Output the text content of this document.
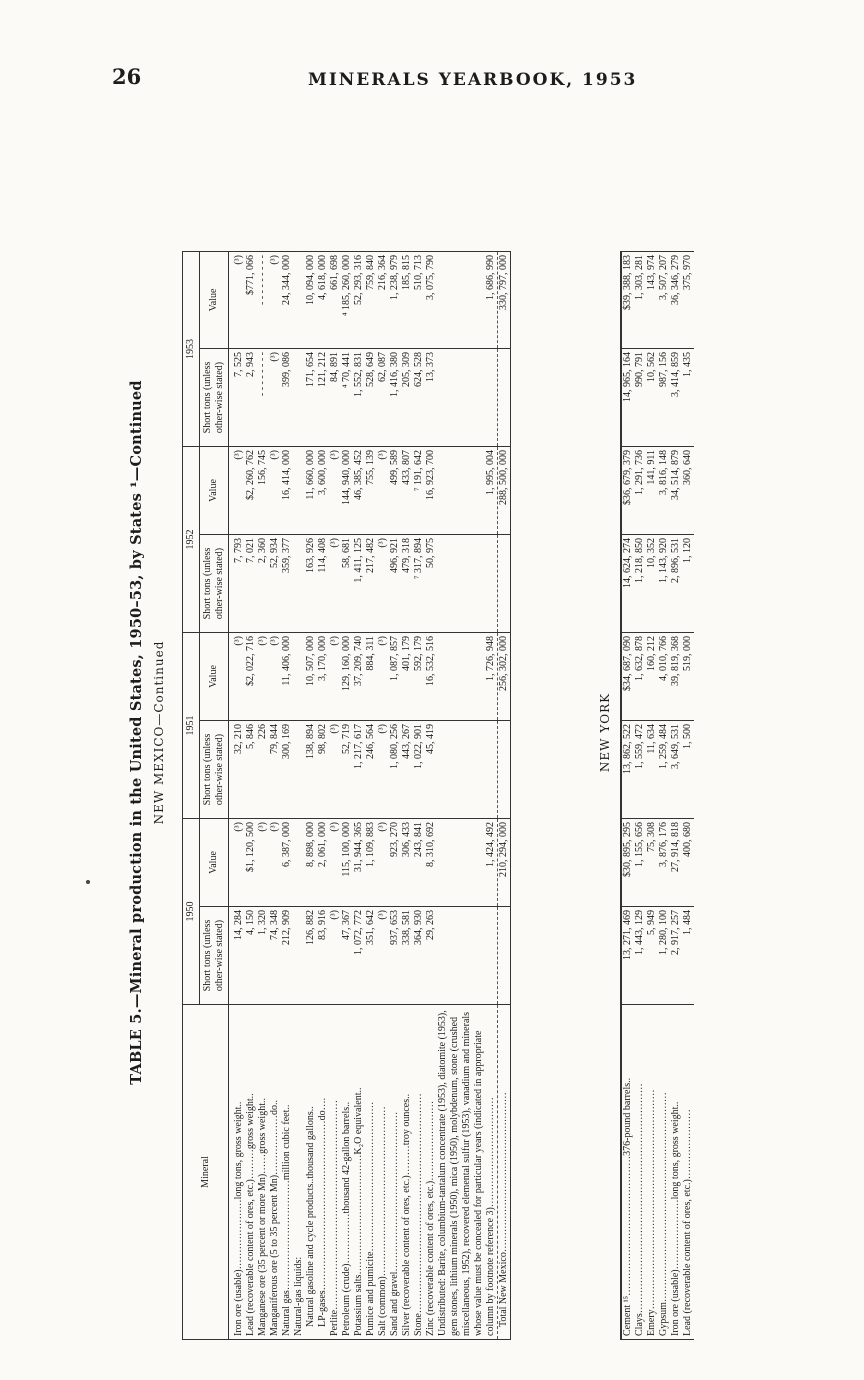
26	MINERALS YEARBOOK, 1953
TABLE 5.—Mineral production in the United States, 1950–53, by States ¹—Continued NEW MEXICO—Continued
Mineral	1950		1951		1952		1953	
	Short tons (unless other-wise stated)	Value	Short tons (unless other-wise stated)	Value	Short tons (unless other-wise stated)	Value	Short tons (unless other-wise stated)	Value

Iron ore (usable)…………………long tons, gross weight..	14, 284	(³)	32, 210	(³)	7, 793	(³)	7, 525	(³)
Lead (recoverable content of ores, etc.)………gross weight..	4, 150	$1, 120, 500	5, 846	$2, 022, 716	7, 021	$2, 260, 762	2, 943	$771, 066
Manganese ore (35 percent or more Mn)……gross weight..	1, 320	(³)	226	(³)	2, 360	156, 745	- - - - - - - -	- - - - - - - - -
Manganiferous ore (5 to 35 percent Mn)………………do..	74, 348	(³)	79, 844	(³)	52, 934	(³)	(³)	(³)
Natural gas……………………………million cubic feet..	212, 909	6, 387, 000	300, 169	11, 406, 000	359, 377	16, 414, 000	399, 086	24, 344, 000
Natural-gas liquids:								
Natural gasoline and cycle products..thousand gallons..	126, 882	8, 898, 000	138, 894	10, 507, 000	163, 926	11, 660, 000	171, 654	10, 094, 000
LP-gases……………………………………………do….	83, 916	2, 061, 000	98, 802	3, 170, 000	114, 408	3, 600, 000	121, 212	4, 618, 000
Perlite………………………………………………………	(³)	(³)	(³)	(³)	(³)	(³)	84, 891	661, 698
Petroleum (crude)……………thousand 42-gallon barrels..	47, 367	115, 100, 000	52, 719	129, 160, 000	58, 681	144, 940, 000	⁴ 70, 441	⁴ 185, 260, 000
Potassium salts………………………………K₂O equivalent..	1, 072, 772	31, 944, 365	1, 217, 617	37, 209, 740	1, 411, 125	46, 385, 452	1, 552, 831	52, 293, 316
Pumice and pumicite………………………………………	351, 642	1, 109, 883	246, 564	884, 311	217, 482	755, 139	528, 649	759, 840
Salt (common)……………………………………………	(³)	(³)	(³)	(³)	(³)	(³)	62, 087	216, 364
Sand and gravel…………………………………………	937, 653	923, 270	1, 080, 256	1, 087, 857	496, 921	499, 589	1, 416, 380	1, 238, 979
Silver (recoverable content of ores, etc.)………troy ounces..	338, 581	306, 433	443, 267	401, 179	479, 318	433, 807	205, 309	185, 815
Stone…………………………………………………………	364, 930	243, 841	1, 022, 901	592, 179	⁷ 317, 894	⁷ 191, 642	624, 528	510, 713
Zinc (recoverable content of ores, etc.)……………………	29, 263	8, 310, 692	45, 419	16, 532, 516	50, 975	16, 923, 700	13, 373	3, 075, 790
Undistributed: Barite, columbium-tantalum concentrate (1953), diatomite (1953), gem stones, lithium minerals (1950), mica (1950), molybdenum, stone (crushed miscellaneous, 1952), recovered elemental sulfur (1953), vanadium and minerals whose value must be concealed for particular years (indicated in appropriate column by footnote reference 3)……………………………		1, 424, 492		1, 726, 948		1, 995, 004		1, 686, 990
Total New Mexico…………………………………………		210, 294, 000		256, 302, 000		288, 500, 000		330, 797, 000
NEW YORK
Cement ¹⁵……………………………………376-pound barrels..	13, 271, 469	$30, 895, 295	13, 862, 522	$34, 687, 090	14, 624, 274	$36, 679, 379	14, 965, 164	$39, 388, 183
Clays……………………………………………………………	1, 443, 129	1, 155, 656	1, 559, 472	1, 632, 878	1, 218, 850	1, 291, 736	990, 791	1, 303, 281
Emery…………………………………………………………	5, 949	75, 308	11, 634	160, 212	10, 352	141, 911	10, 562	143, 974
Gypsum………………………………………………………	1, 280, 100	3, 876, 176	1, 259, 484	4, 010, 766	1, 143, 920	3, 816, 148	987, 156	3, 507, 207
Iron ore (usable)…………………long tons, gross weight..	2, 917, 257	27, 914, 818	3, 649, 531	39, 819, 368	2, 896, 531	34, 514, 879	3, 414, 859	36, 346, 279
Lead (recoverable content of ores, etc.)…………………	1, 484	400, 680	1, 500	519, 000	1, 120	360, 640	1, 435	375, 970
